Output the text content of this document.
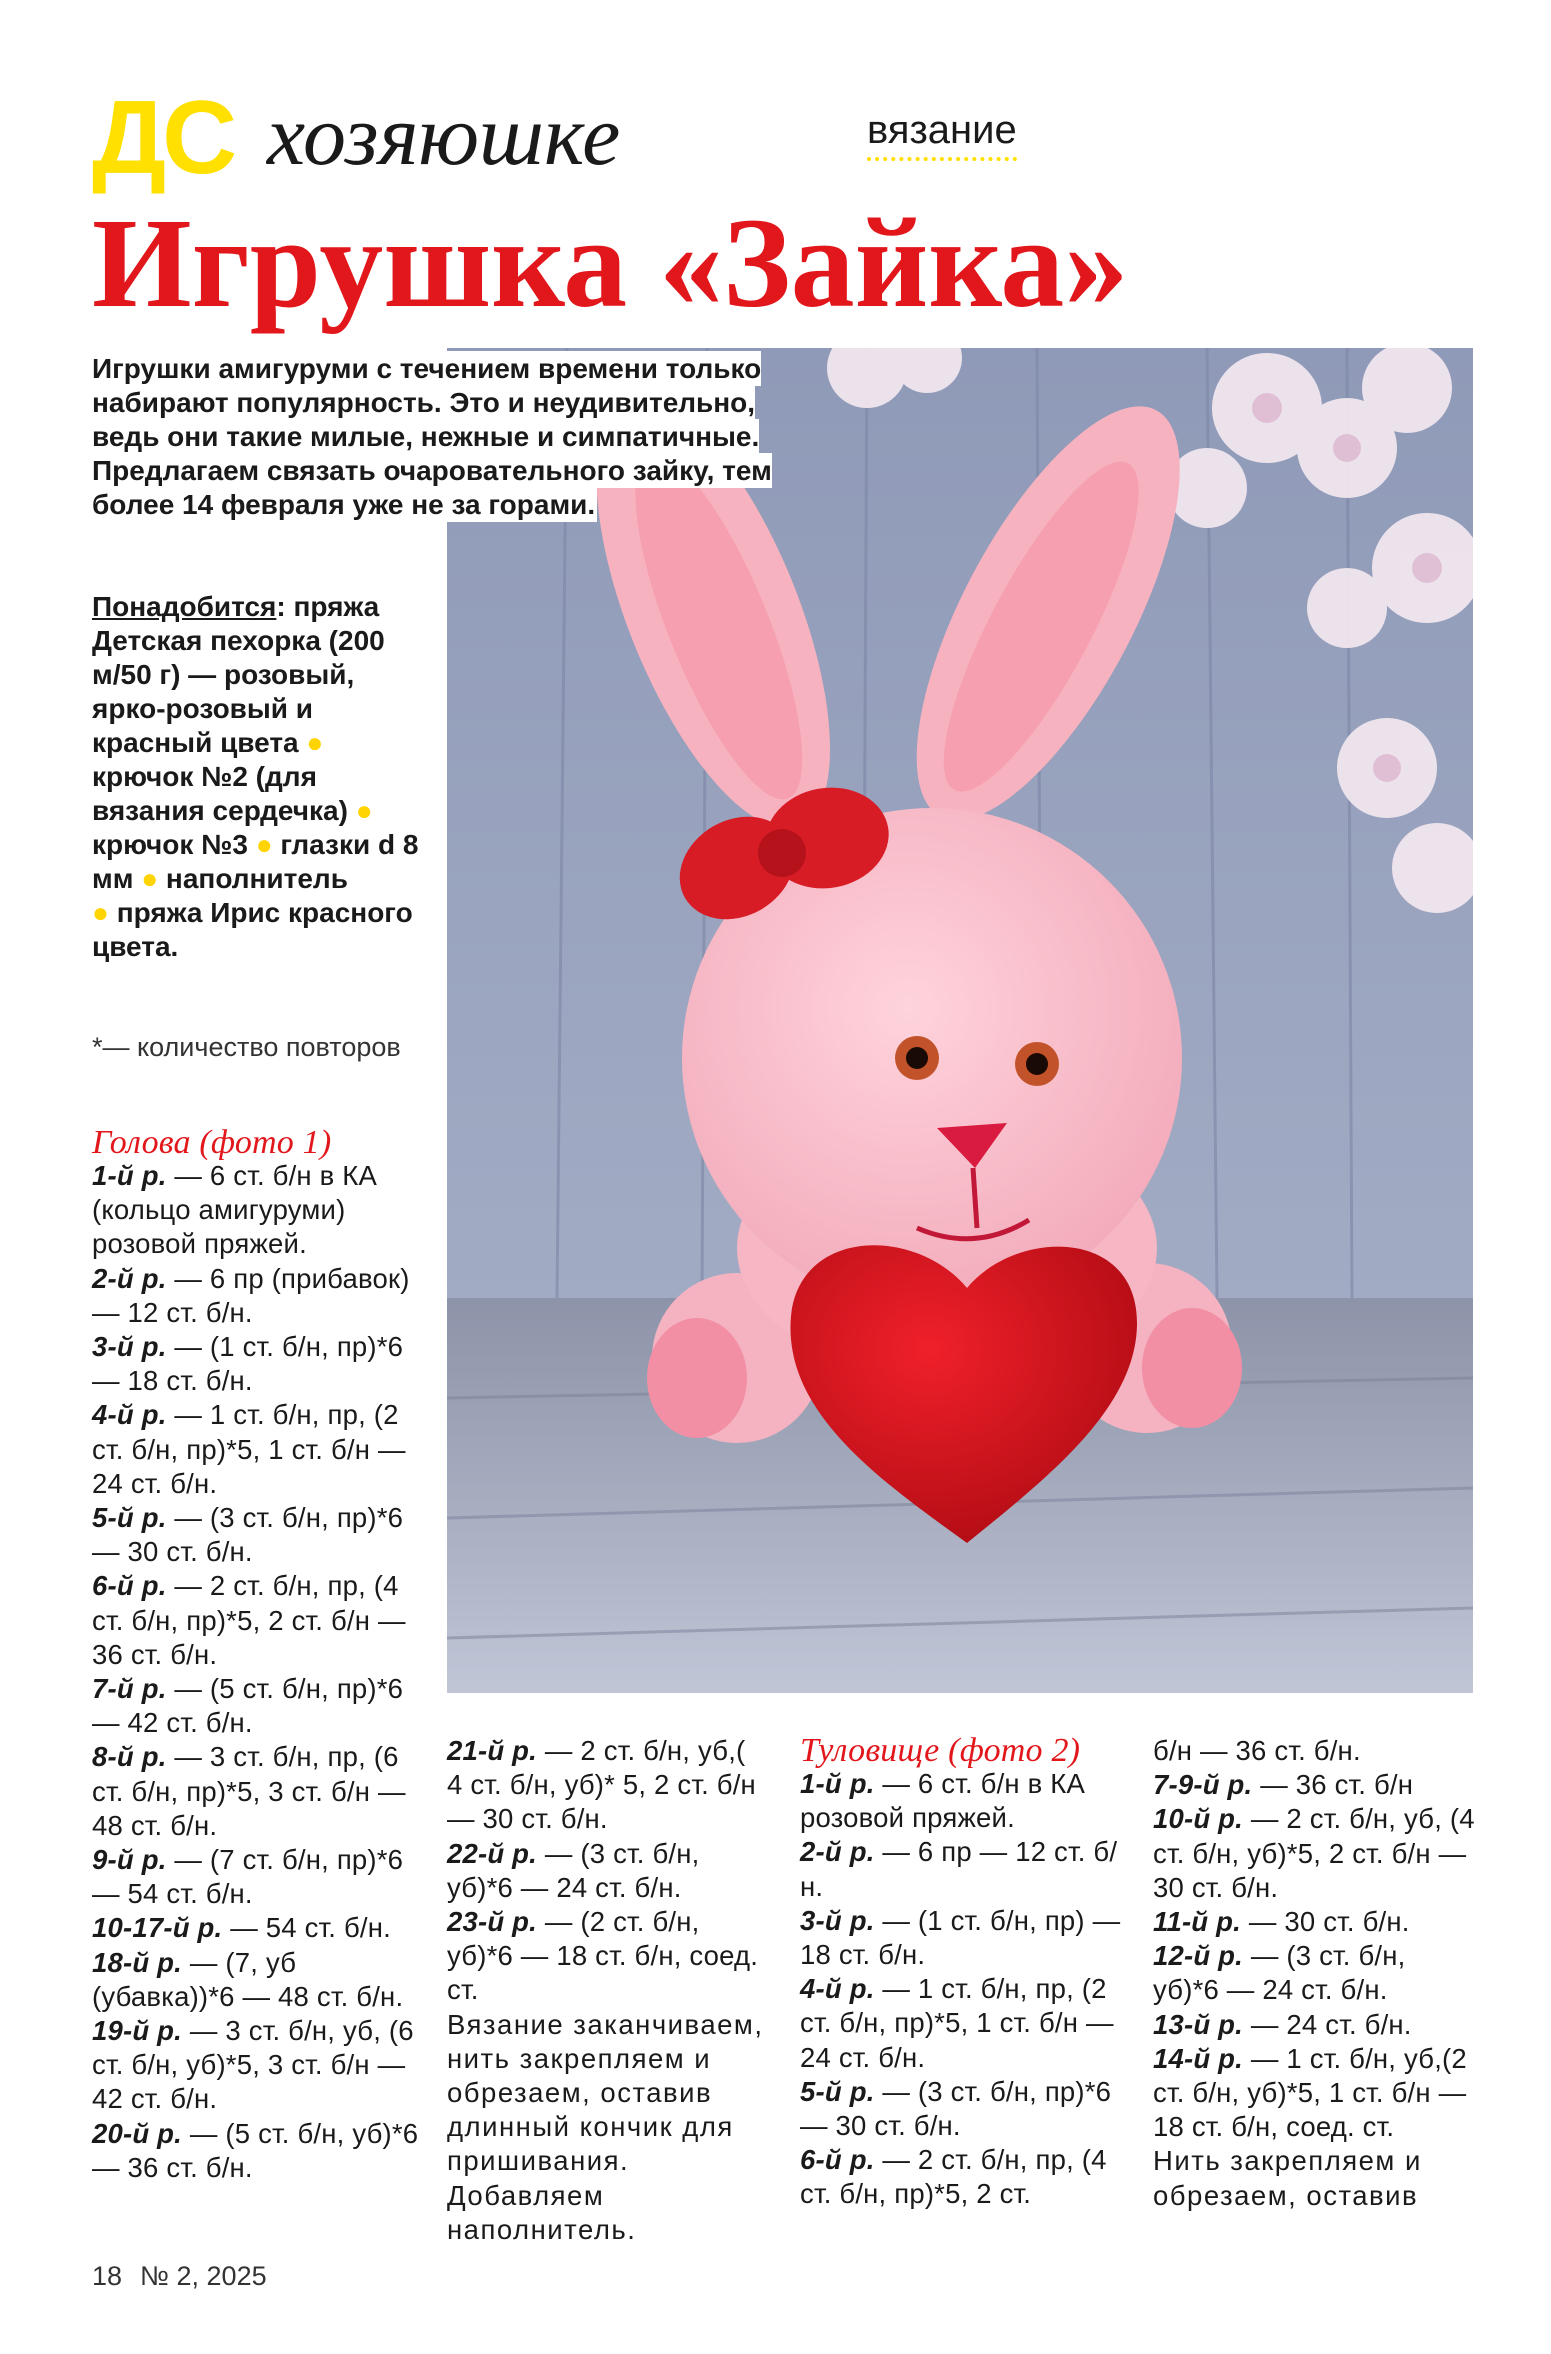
ДС хозяюшке	вязание
Игрушка «Зайка»
Игрушки амигуруми с течением времени только набирают популярность. Это и неудивительно, ведь они такие милые, нежные и симпатичные. Предлагаем связать очаровательного зайку, тем более 14 февраля уже не за горами.
Понадобится: пряжа Детская пехорка (200 м/50 г) — розовый, ярко-розовый и красный цвета ● крючок №2 (для вязания сердечка) ● крючок №3 ● глазки d 8 мм ● наполнитель
● пряжа Ирис красного цвета.
*— количество повторов

Голова (фото 1)

1-й р. — 6 ст. б/н в КА (кольцо амигуруми) розовой пряжей.

2-й р. — 6 пр (прибавок) — 12 ст. б/н.

3-й р. — (1 ст. б/н, пр)*6 — 18 ст. б/н.

4-й р. — 1 ст. б/н, пр, (2 ст. б/н, пр)*5, 1 ст. б/н — 24 ст. б/н.

5-й р. — (3 ст. б/н, пр)*6 — 30 ст. б/н.

6-й р. — 2 ст. б/н, пр, (4 ст. б/н, пр)*5, 2 ст. б/н — 36 ст. б/н.

7-й р. — (5 ст. б/н, пр)*6 — 42 ст. б/н.

8-й р. — 3 ст. б/н, пр, (6 ст. б/н, пр)*5, 3 ст. б/н — 48 ст. б/н.

9-й р. — (7 ст. б/н, пр)*6 — 54 ст. б/н.

10-17-й р. — 54 ст. б/н.

18-й р. — (7, уб (убавка))*6 — 48 ст. б/н.

19-й р. — 3 ст. б/н, уб, (6 ст. б/н, уб)*5, 3 ст. б/н — 42 ст. б/н.

20-й р. — (5 ст. б/н, уб)*6 — 36 ст. б/н.

21-й р. — 2 ст. б/н, уб,( 4 ст. б/н, уб)* 5, 2 ст. б/н — 30 ст. б/н.

22-й р. — (3 ст. б/н, уб)*6 — 24 ст. б/н.

23-й р. — (2 ст. б/н, уб)*6 — 18 ст. б/н, соед. ст.

Вязание заканчиваем, нить закрепляем и обрезаем, оставив длинный кончик для пришивания. Добавляем наполнитель.

Туловище (фото 2)

1-й р. — 6 ст. б/н в КА розовой пряжей.

2-й р. — 6 пр — 12 ст. б/н.

3-й р. — (1 ст. б/н, пр) — 18 ст. б/н.

4-й р. — 1 ст. б/н, пр, (2 ст. б/н, пр)*5, 1 ст. б/н — 24 ст. б/н.

5-й р. — (3 ст. б/н, пр)*6 — 30 ст. б/н.

6-й р. — 2 ст. б/н, пр, (4 ст. б/н, пр)*5, 2 ст.

б/н — 36 ст. б/н.

7-9-й р. — 36 ст. б/н

10-й р. — 2 ст. б/н, уб, (4 ст. б/н, уб)*5, 2 ст. б/н — 30 ст. б/н.

11-й р. — 30 ст. б/н.

12-й р. — (3 ст. б/н, уб)*6 — 24 ст. б/н.

13-й р. — 24 ст. б/н.

14-й р. — 1 ст. б/н, уб,(2 ст. б/н, уб)*5, 1 ст. б/н — 18 ст. б/н, соед. ст.

Нить закрепляем и обрезаем, оставив

18 № 2, 2025
